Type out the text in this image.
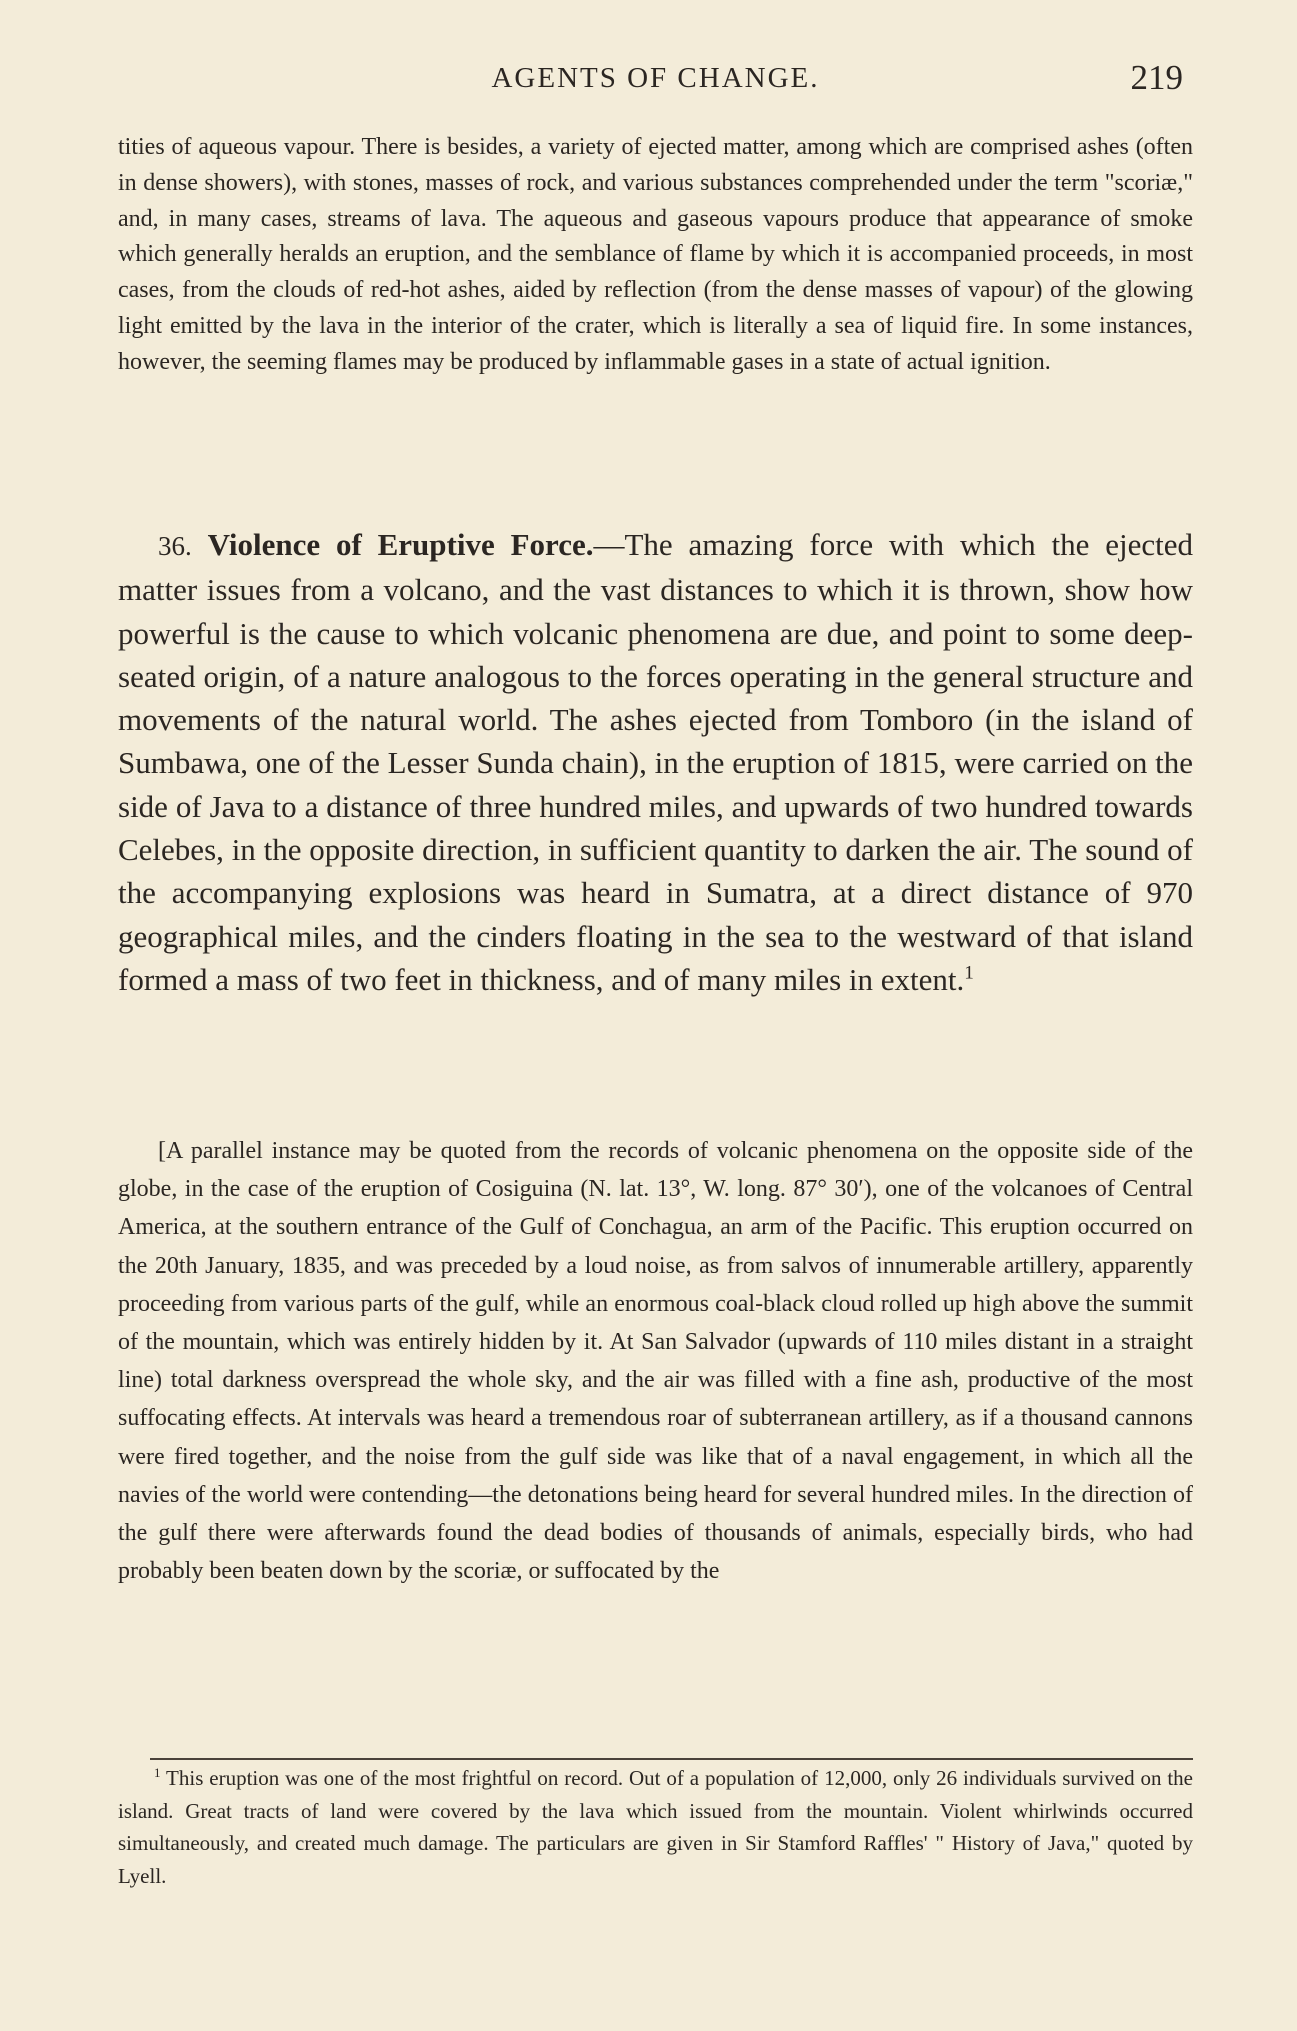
AGENTS OF CHANGE.	219

tities of aqueous vapour. There is besides, a variety of ejected matter, among which are comprised ashes (often in dense showers), with stones, masses of rock, and various substances comprehended under the term "scoriæ," and, in many cases, streams of lava. The aqueous and gaseous vapours produce that appearance of smoke which generally heralds an eruption, and the semblance of flame by which it is accompanied proceeds, in most cases, from the clouds of red-hot ashes, aided by reflection (from the dense masses of vapour) of the glowing light emitted by the lava in the interior of the crater, which is literally a sea of liquid fire. In some instances, however, the seeming flames may be produced by inflammable gases in a state of actual ignition.

36. Violence of Eruptive Force.—The amazing force with which the ejected matter issues from a volcano, and the vast distances to which it is thrown, show how powerful is the cause to which volcanic phenomena are due, and point to some deep-seated origin, of a nature analogous to the forces operating in the general structure and movements of the natural world. The ashes ejected from Tomboro (in the island of Sumbawa, one of the Lesser Sunda chain), in the eruption of 1815, were carried on the side of Java to a distance of three hundred miles, and upwards of two hundred towards Celebes, in the opposite direction, in sufficient quantity to darken the air. The sound of the accompanying explosions was heard in Sumatra, at a direct distance of 970 geographical miles, and the cinders floating in the sea to the westward of that island formed a mass of two feet in thickness, and of many miles in extent.$^1$

[A parallel instance may be quoted from the records of volcanic phenomena on the opposite side of the globe, in the case of the eruption of Cosiguina (N. lat. 13°, W. long. 87° 30′), one of the volcanoes of Central America, at the southern entrance of the Gulf of Conchagua, an arm of the Pacific. This eruption occurred on the 20th January, 1835, and was preceded by a loud noise, as from salvos of innumerable artillery, apparently proceeding from various parts of the gulf, while an enormous coal-black cloud rolled up high above the summit of the mountain, which was entirely hidden by it. At San Salvador (upwards of 110 miles distant in a straight line) total darkness overspread the whole sky, and the air was filled with a fine ash, productive of the most suffocating effects. At intervals was heard a tremendous roar of subterranean artillery, as if a thousand cannons were fired together, and the noise from the gulf side was like that of a naval engagement, in which all the navies of the world were contending—the detonations being heard for several hundred miles. In the direction of the gulf there were afterwards found the dead bodies of thousands of animals, especially birds, who had probably been beaten down by the scoriæ, or suffocated by the

$^1$ This eruption was one of the most frightful on record. Out of a population of 12,000, only 26 individuals survived on the island. Great tracts of land were covered by the lava which issued from the mountain. Violent whirlwinds occurred simultaneously, and created much damage. The particulars are given in Sir Stamford Raffles' " History of Java," quoted by Lyell.
